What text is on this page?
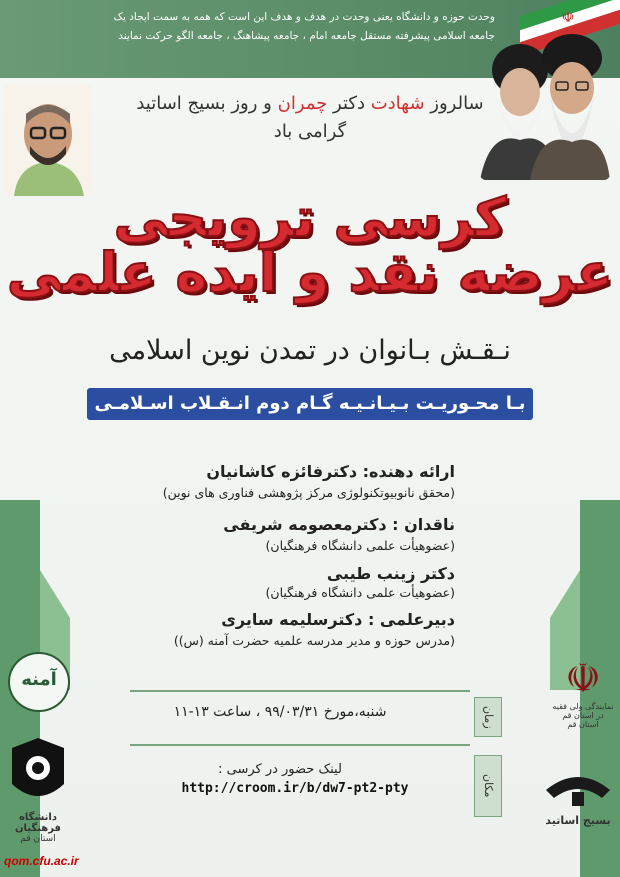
وحدت حوزه و دانشگاه یعنی وحدت در هدف و هدف این است که همه به سمت ایجاد یک
جامعه اسلامی پیشرفته مستقل جامعه امام ، جامعه پیشاهنگ ، جامعه الگو حرکت نمایند
☫
سالروز شهادت دکتر چمران و روز بسیج اساتید
گرامی باد
کرسی ترویجی
عرضه نقد و ایده علمی
نـقـش بـانوان در تمدن نوین اسلامی
بـا محـوریـت بـیـانـیـه گـام دوم انـقـلاب اسـلامـی
ارائه دهنده: دکترفائزه کاشانیان
(محقق نانوبیوتکنولوژی مرکز پژوهشی فناوری های نوین)
ناقدان : دکترمعصومه شریفی
(عضوهیأت علمی دانشگاه فرهنگیان)
دکتر زینب طیبی
(عضوهیأت علمی دانشگاه فرهنگیان)
دبیرعلمی : دکترسلیمه سایری
(مدرس حوزه و مدیر مدرسه علمیه حضرت آمنه (س))
زمان
شنبه،مورخ ۹۹/۰۳/۳۱ ، ساعت ۱۳-۱۱
مکان
لینک حضور در کرسی :
http://croom.ir/b/dw7-pt2-pty
آمنه
دانشگاه فرهنگیان
استان قم
qom.cfu.ac.ir
☫
نمایندگی ولی فقیه در استان قم
استان قم
بسیج اساتید
